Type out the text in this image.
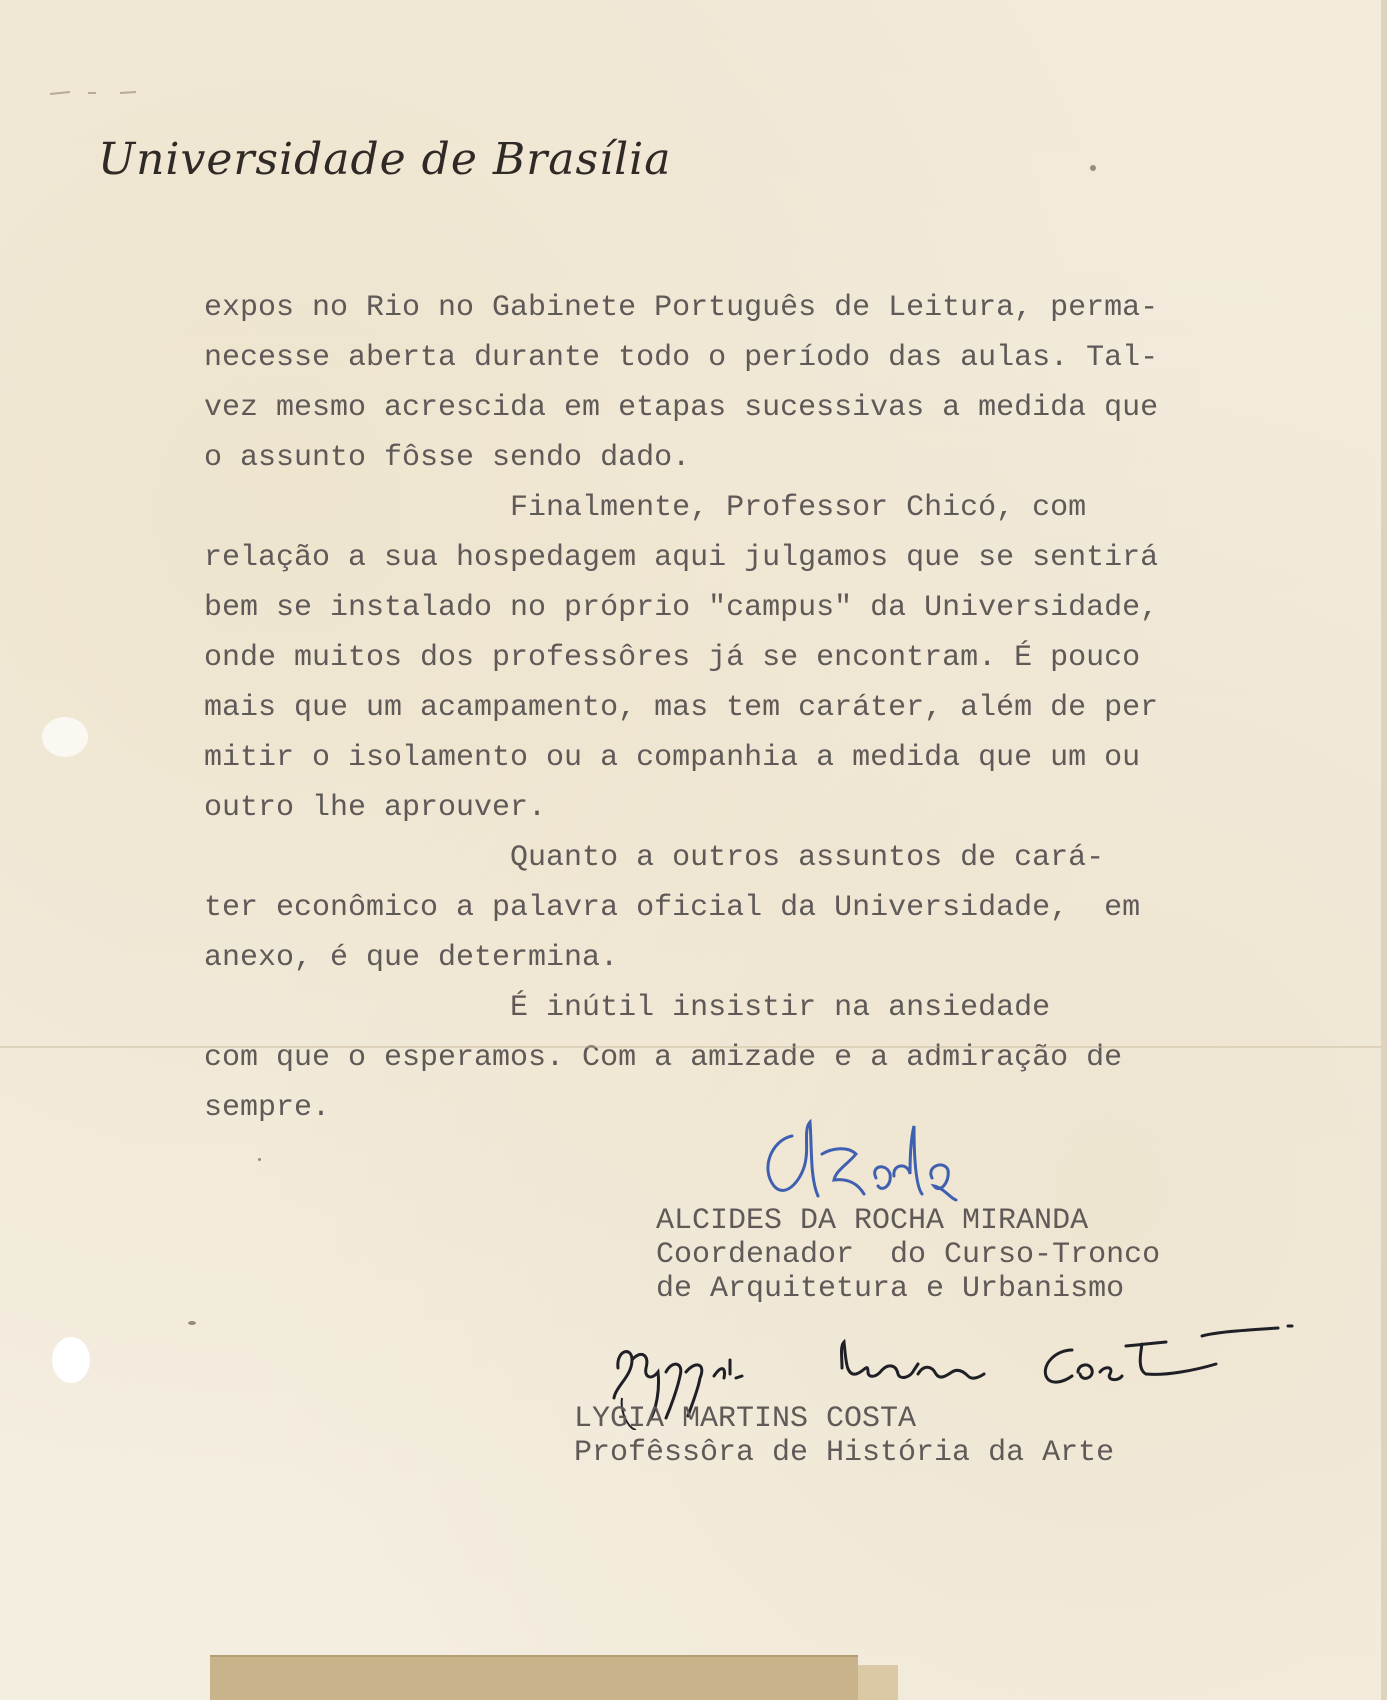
Universidade de Brasília
expos no Rio no Gabinete Português de Leitura, perma-
necesse aberta durante todo o período das aulas. Tal-
vez mesmo acrescida em etapas sucessivas a medida que
o assunto fôsse sendo dado.
Finalmente, Professor Chicó, com
relação a sua hospedagem aqui julgamos que se sentirá
bem se instalado no próprio "campus" da Universidade,
onde muitos dos professôres já se encontram. É pouco
mais que um acampamento, mas tem caráter, além de per
mitir o isolamento ou a companhia a medida que um ou
outro lhe aprouver.
Quanto a outros assuntos de cará-
ter econômico a palavra oficial da Universidade,  em
anexo, é que determina.
É inútil insistir na ansiedade
com que o esperamos. Com a amizade e a admiração de
sempre.
ALCIDES DA ROCHA MIRANDA
Coordenador  do Curso-Tronco
de Arquitetura e Urbanismo
LYGIA MARTINS COSTA
Profêssôra de História da Arte
